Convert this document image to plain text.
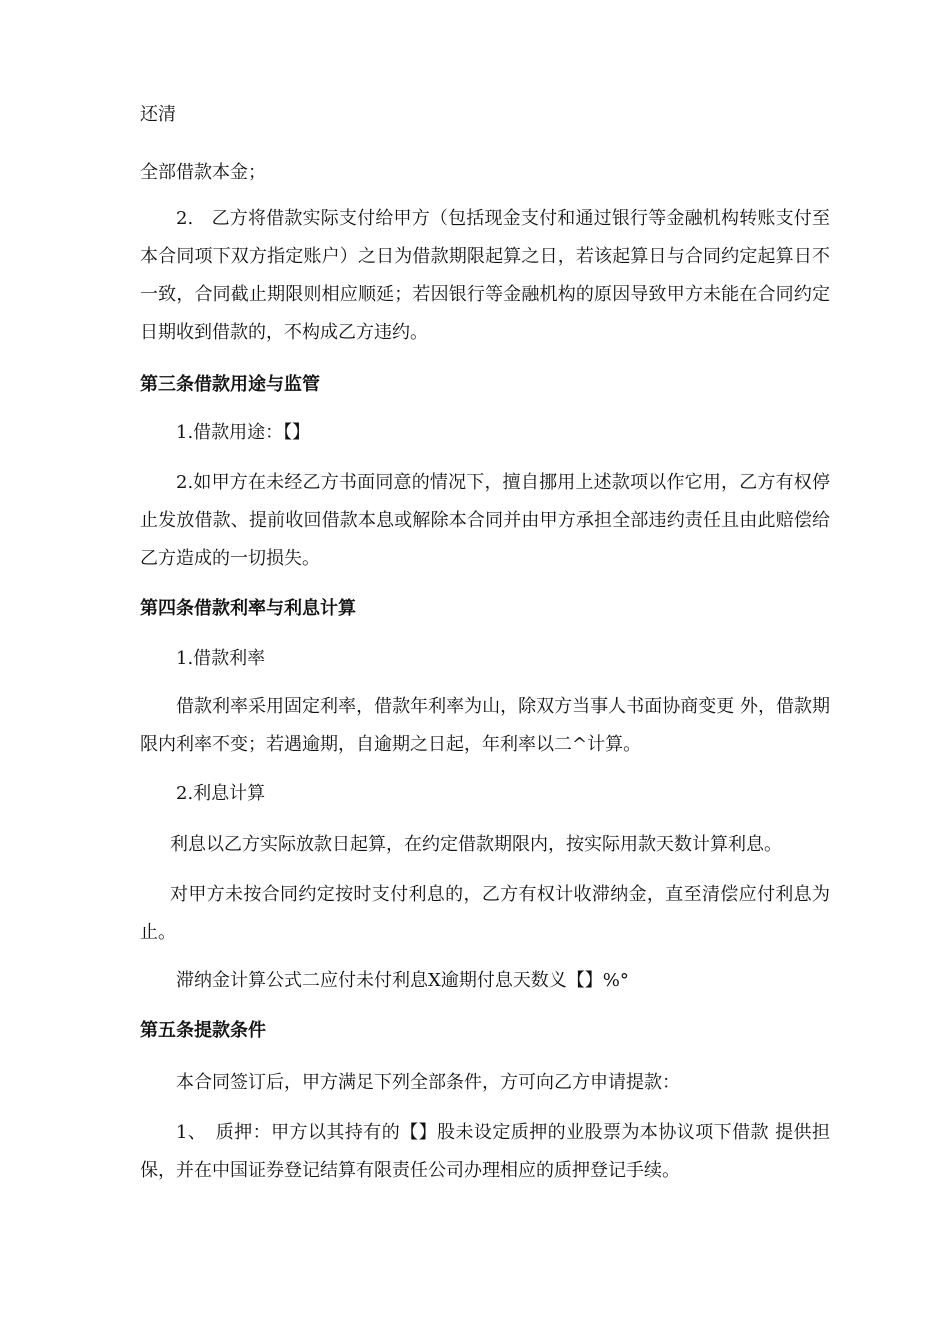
还清

全部借款本金；

2.　乙方将借款实际支付给甲方（包括现金支付和通过银行等金融机构转账支付至本合同项下双方指定账户）之日为借款期限起算之日，若该起算日与合同约定起算日不一致，合同截止期限则相应顺延；若因银行等金融机构的原因导致甲方未能在合同约定日期收到借款的，不构成乙方违约。

第三条借款用途与监管

1.借款用途：【】

2.如甲方在未经乙方书面同意的情况下，擅自挪用上述款项以作它用，乙方有权停止发放借款、提前收回借款本息或解除本合同并由甲方承担全部违约责任且由此赔偿给乙方造成的一切损失。

第四条借款利率与利息计算

1.借款利率

借款利率采用固定利率，借款年利率为山，除双方当事人书面协商变更 外，借款期限内利率不变；若遇逾期，自逾期之日起，年利率以二^计算。

2.利息计算

利息以乙方实际放款日起算，在约定借款期限内，按实际用款天数计算利息。

对甲方未按合同约定按时支付利息的，乙方有权计收滞纳金，直至清偿应付利息为止。

滞纳金计算公式二应付未付利息X逾期付息天数义【】%°

第五条提款条件

本合同签订后，甲方满足下列全部条件，方可向乙方申请提款：

1、　质押：甲方以其持有的【】股未设定质押的业股票为本协议项下借款 提供担保，并在中国证券登记结算有限责任公司办理相应的质押登记手续。
